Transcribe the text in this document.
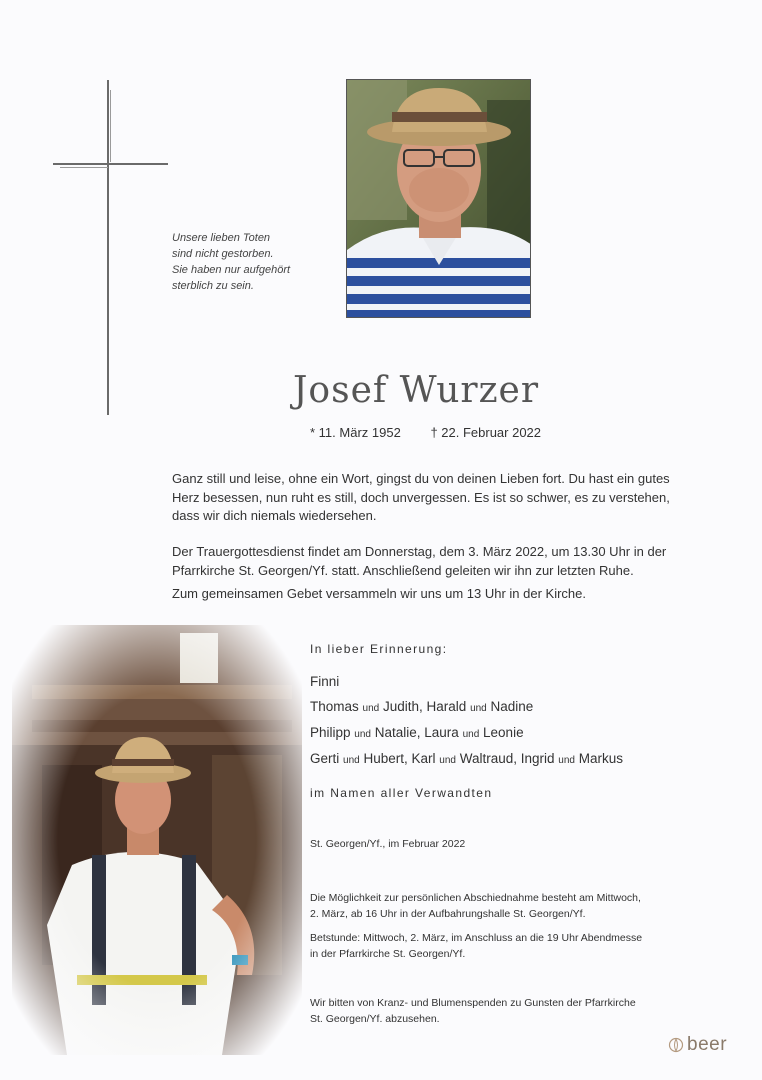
Unsere lieben Toten
sind nicht gestorben.
Sie haben nur aufgehört
sterblich zu sein.
Josef Wurzer
* 11. März 1952 † 22. Februar 2022
Ganz still und leise, ohne ein Wort, gingst du von deinen Lieben fort. Du hast ein gutes
Herz besessen, nun ruht es still, doch unvergessen. Es ist so schwer, es zu verstehen,
dass wir dich niemals wiedersehen.
Der Trauergottesdienst findet am Donnerstag, dem 3. März 2022, um 13.30 Uhr in der
Pfarrkirche St. Georgen/Yf. statt. Anschließend geleiten wir ihn zur letzten Ruhe.
Zum gemeinsamen Gebet versammeln wir uns um 13 Uhr in der Kirche.
In lieber Erinnerung:
Finni
Thomas und Judith, Harald und Nadine
Philipp und Natalie, Laura und Leonie
Gerti und Hubert, Karl und Waltraud, Ingrid und Markus
im Namen aller Verwandten
St. Georgen/Yf., im Februar 2022
Die Möglichkeit zur persönlichen Abschiednahme besteht am Mittwoch,
2. März, ab 16 Uhr in der Aufbahrungshalle St. Georgen/Yf.
Betstunde: Mittwoch, 2. März, im Anschluss an die 19 Uhr Abendmesse
in der Pfarrkirche St. Georgen/Yf.
Wir bitten von Kranz- und Blumenspenden zu Gunsten der Pfarrkirche
St. Georgen/Yf. abzusehen.
beer
